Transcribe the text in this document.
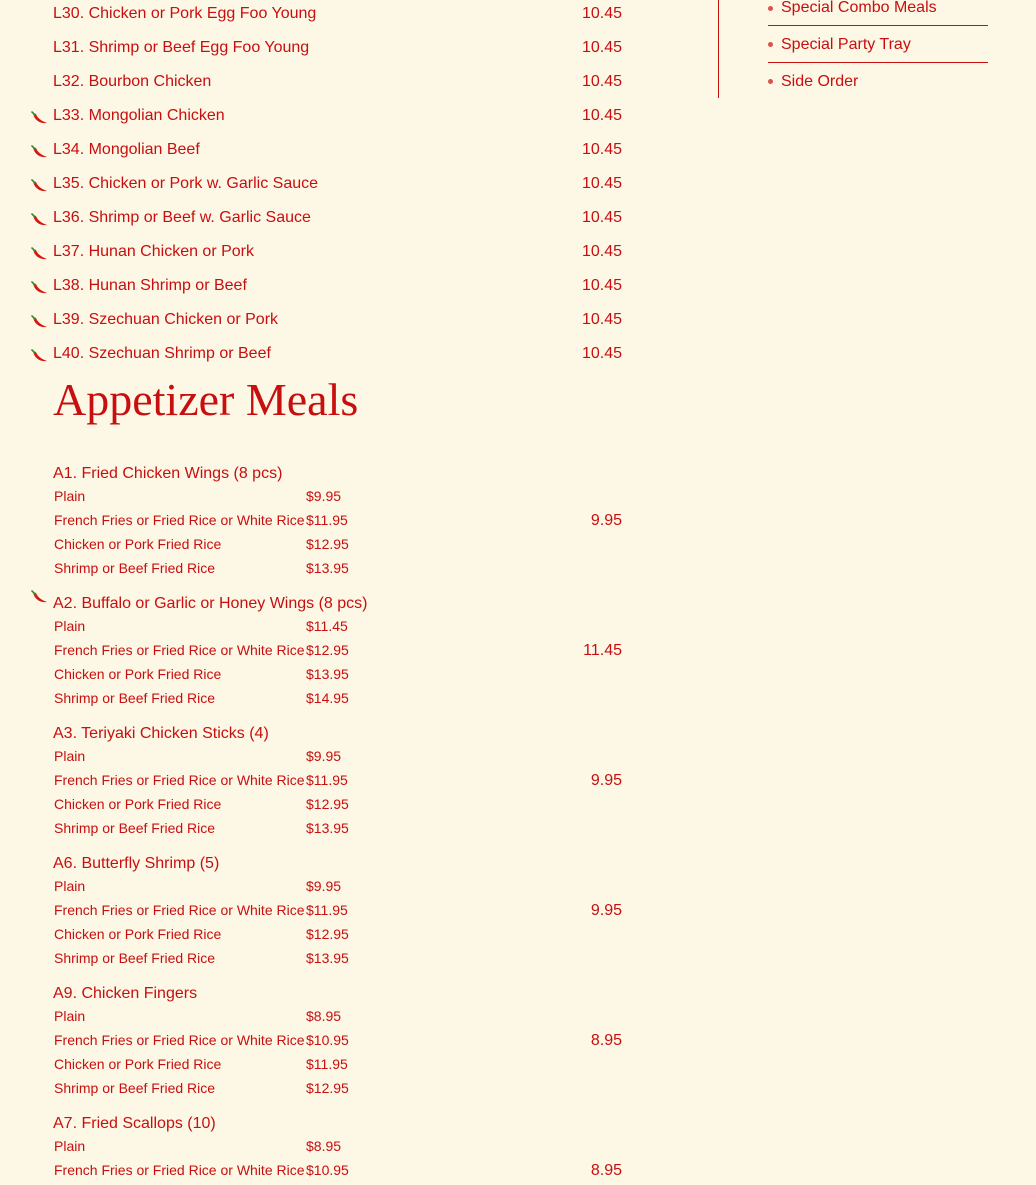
L30. Chicken or Pork Egg Foo Young	10.45
L31. Shrimp or Beef Egg Foo Young	10.45
L32. Bourbon Chicken	10.45
L33. Mongolian Chicken	10.45
L34. Mongolian Beef	10.45
L35. Chicken or Pork w. Garlic Sauce	10.45
L36. Shrimp or Beef w. Garlic Sauce	10.45
L37. Hunan Chicken or Pork	10.45
L38. Hunan Shrimp or Beef	10.45
L39. Szechuan Chicken or Pork	10.45
L40. Szechuan Shrimp or Beef	10.45
Appetizer Meals
A1. Fried Chicken Wings (8 pcs)
9.95
Plain	$9.95
French Fries or Fried Rice or White Rice $11.95
Chicken or Pork Fried Rice	$12.95
Shrimp or Beef Fried Rice	$13.95
A2. Buffalo or Garlic or Honey Wings (8 pcs)
11.45
Plain	$11.45
French Fries or Fried Rice or White Rice $12.95
Chicken or Pork Fried Rice	$13.95
Shrimp or Beef Fried Rice	$14.95
A3. Teriyaki Chicken Sticks (4)
9.95
Plain	$9.95
French Fries or Fried Rice or White Rice $11.95
Chicken or Pork Fried Rice	$12.95
Shrimp or Beef Fried Rice	$13.95
A6. Butterfly Shrimp (5)
9.95
Plain	$9.95
French Fries or Fried Rice or White Rice $11.95
Chicken or Pork Fried Rice	$12.95
Shrimp or Beef Fried Rice	$13.95
A9. Chicken Fingers
8.95
Plain	$8.95
French Fries or Fried Rice or White Rice $10.95
Chicken or Pork Fried Rice	$11.95
Shrimp or Beef Fried Rice	$12.95
A7. Fried Scallops (10)
8.95
Plain	$8.95
French Fries or Fried Rice or White Rice $10.95
Special Combo Meals
Special Party Tray
Side Order
